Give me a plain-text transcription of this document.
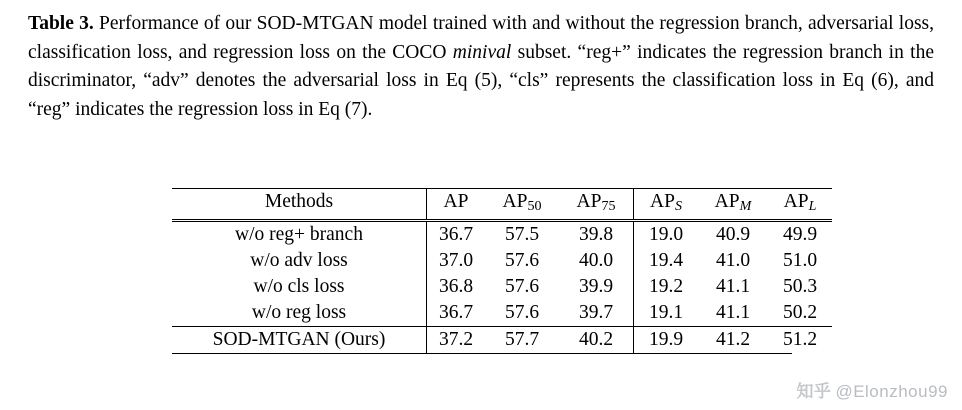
Table 3. Performance of our SOD-MTGAN model trained with and without the regression branch, adversarial loss, classification loss, and regression loss on the COCO minival subset. “reg+” indicates the regression branch in the discriminator, “adv” denotes the adversarial loss in Eq (5), “cls” represents the classification loss in Eq (6), and “reg” indicates the regression loss in Eq (7).
Methods	AP	AP50	AP75	$AP_S$	$AP_M$	$AP_L$
w/o reg+ branch	36.7	57.5	39.8	19.0	40.9	49.9
w/o adv loss	37.0	57.6	40.0	19.4	41.0	51.0
w/o cls loss	36.8	57.6	39.9	19.2	41.1	50.3
w/o reg loss	36.7	57.6	39.7	19.1	41.1	50.2
SOD-MTGAN (Ours)	37.2	57.7	40.2	19.9	41.2	51.2
知乎 @Elonzhou99
